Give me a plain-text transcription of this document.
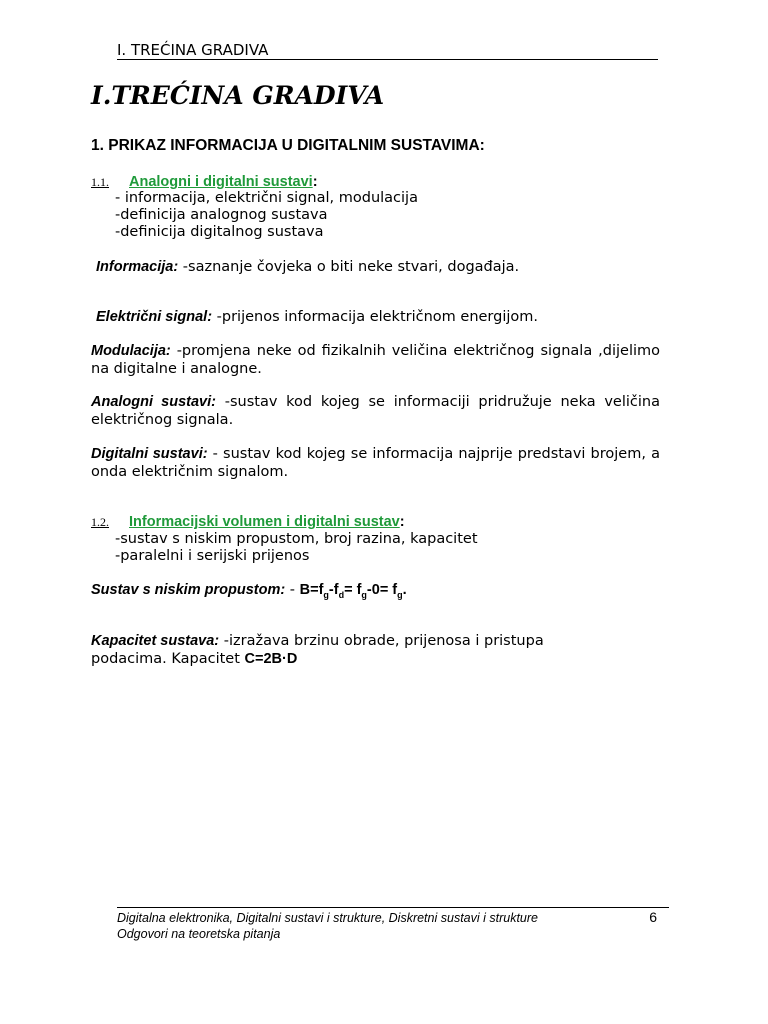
I. TREĆINA GRADIVA
I.TREĆINA GRADIVA
1. PRIKAZ INFORMACIJA U DIGITALNIM SUSTAVIMA:
1.1. Analogni i digitalni sustavi:
- informacija, električni signal, modulacija
-definicija analognog sustava
-definicija digitalnog sustava
Informacija: -saznanje čovjeka o biti neke stvari, događaja.
Električni signal: -prijenos informacija električnom energijom.
Modulacija: -promjena neke od fizikalnih veličina električnog signala ,dijelimo na digitalne i analogne.
Analogni sustavi: -sustav kod kojeg se informaciji pridružuje neka veličina električnog signala.
Digitalni sustavi: - sustav kod kojeg se informacija najprije predstavi brojem, a onda električnim signalom.
1.2. Informacijski volumen i digitalni sustav:
-sustav s niskim propustom, broj razina, kapacitet
-paralelni i serijski prijenos
Sustav s niskim propustom: - $B=f_g-f_d= f_g-0= f_g$.
Kapacitet sustava: -izražava brzinu obrade, prijenosa i pristupa podacima. Kapacitet C=2B·D
Digitalna elektronika, Digitalni sustavi i strukture, Diskretni sustavi i strukture
Odgovori na teoretska pitanja
6
